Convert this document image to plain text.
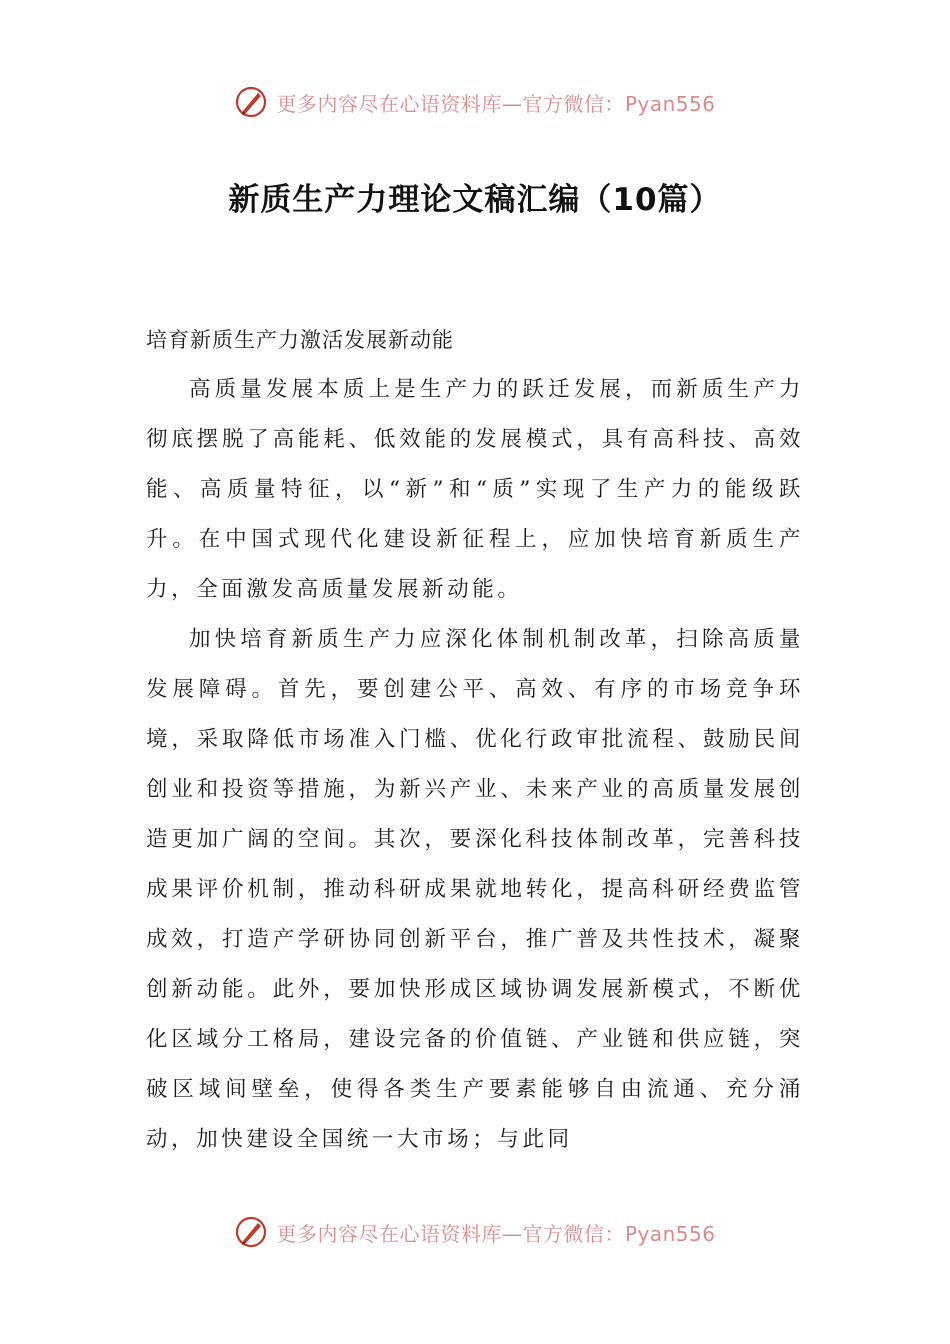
更多内容尽在心语资料库—官方微信：Pyan556
新质生产力理论文稿汇编（10篇）

培育新质生产力激活发展新动能

高质量发展本质上是生产力的跃迁发展，而新质生产力彻底摆脱了高能耗、低效能的发展模式，具有高科技、高效能、高质量特征，以“新”和“质”实现了生产力的能级跃升。在中国式现代化建设新征程上，应加快培育新质生产力，全面激发高质量发展新动能。

加快培育新质生产力应深化体制机制改革，扫除高质量发展障碍。首先，要创建公平、高效、有序的市场竞争环境，采取降低市场准入门槛、优化行政审批流程、鼓励民间创业和投资等措施，为新兴产业、未来产业的高质量发展创造更加广阔的空间。其次，要深化科技体制改革，完善科技成果评价机制，推动科研成果就地转化，提高科研经费监管成效，打造产学研协同创新平台，推广普及共性技术，凝聚创新动能。此外，要加快形成区域协调发展新模式，不断优化区域分工格局，建设完备的价值链、产业链和供应链，突破区域间壁垒，使得各类生产要素能够自由流通、充分涌动，加快建设全国统一大市场；与此同

更多内容尽在心语资料库—官方微信：Pyan556
